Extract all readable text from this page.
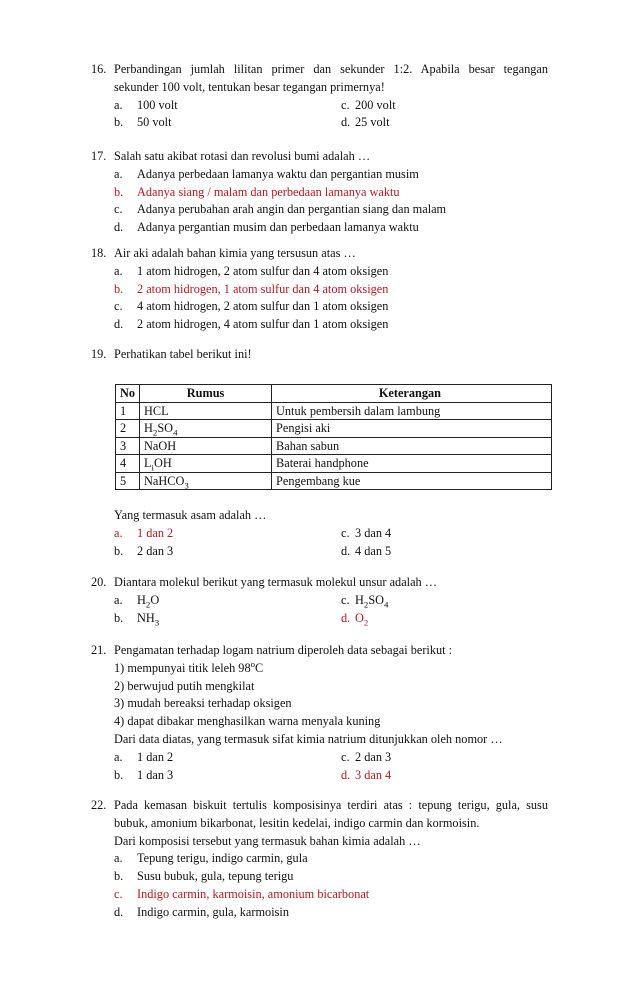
16. Perbandingan jumlah lilitan primer dan sekunder 1:2. Apabila besar tegangan
sekunder 100 volt, tentukan besar tegangan primernya!
a. 100 volt	c. 200 volt
b. 50 volt	d. 25 volt
17. Salah satu akibat rotasi dan revolusi bumi adalah …
a. Adanya perbedaan lamanya waktu dan pergantian musim
b. Adanya siang / malam dan perbedaan lamanya waktu
c. Adanya perubahan arah angin dan pergantian siang dan malam
d. Adanya pergantian musim dan perbedaan lamanya waktu
18. Air aki adalah bahan kimia yang tersusun atas …
a. 1 atom hidrogen, 2 atom sulfur dan 4 atom oksigen
b. 2 atom hidrogen, 1 atom sulfur dan 4 atom oksigen
c. 4 atom hidrogen, 2 atom sulfur dan 1 atom oksigen
d. 2 atom hidrogen, 4 atom sulfur dan 1 atom oksigen
19. Perhatikan tabel berikut ini!
No	Rumus	Keterangan
1	HCL	Untuk pembersih dalam lambung
2	$H_2SO_4$	Pengisi aki
3	NaOH	Bahan sabun
4	$L_iOH$	Baterai handphone
5	NaHCO$_3$	Pengembang kue
Yang termasuk asam adalah …
a. 1 dan 2	c. 3 dan 4
b. 2 dan 3	d. 4 dan 5
20. Diantara molekul berikut yang termasuk molekul unsur adalah …
a. $H_2O$	c. $H_2SO_4$
b. $NH_3$	d. $O_2$
21. Pengamatan terhadap logam natrium diperoleh data sebagai berikut :
1) mempunyai titik leleh 98$^o$C
2) berwujud putih mengkilat
3) mudah bereaksi terhadap oksigen
4) dapat dibakar menghasilkan warna menyala kuning
Dari data diatas, yang termasuk sifat kimia natrium ditunjukkan oleh nomor …
a. 1 dan 2	c. 2 dan 3
b. 1 dan 3	d. 3 dan 4
22. Pada kemasan biskuit tertulis komposisinya terdiri atas : tepung terigu, gula, susu
bubuk, amonium bikarbonat, lesitin kedelai, indigo carmin dan kormoisin.
Dari komposisi tersebut yang termasuk bahan kimia adalah …
a. Tepung terigu, indigo carmin, gula
b. Susu bubuk, gula, tepung terigu
c. Indigo carmin, karmoisin, amonium bicarbonat
d. Indigo carmin, gula, karmoisin
